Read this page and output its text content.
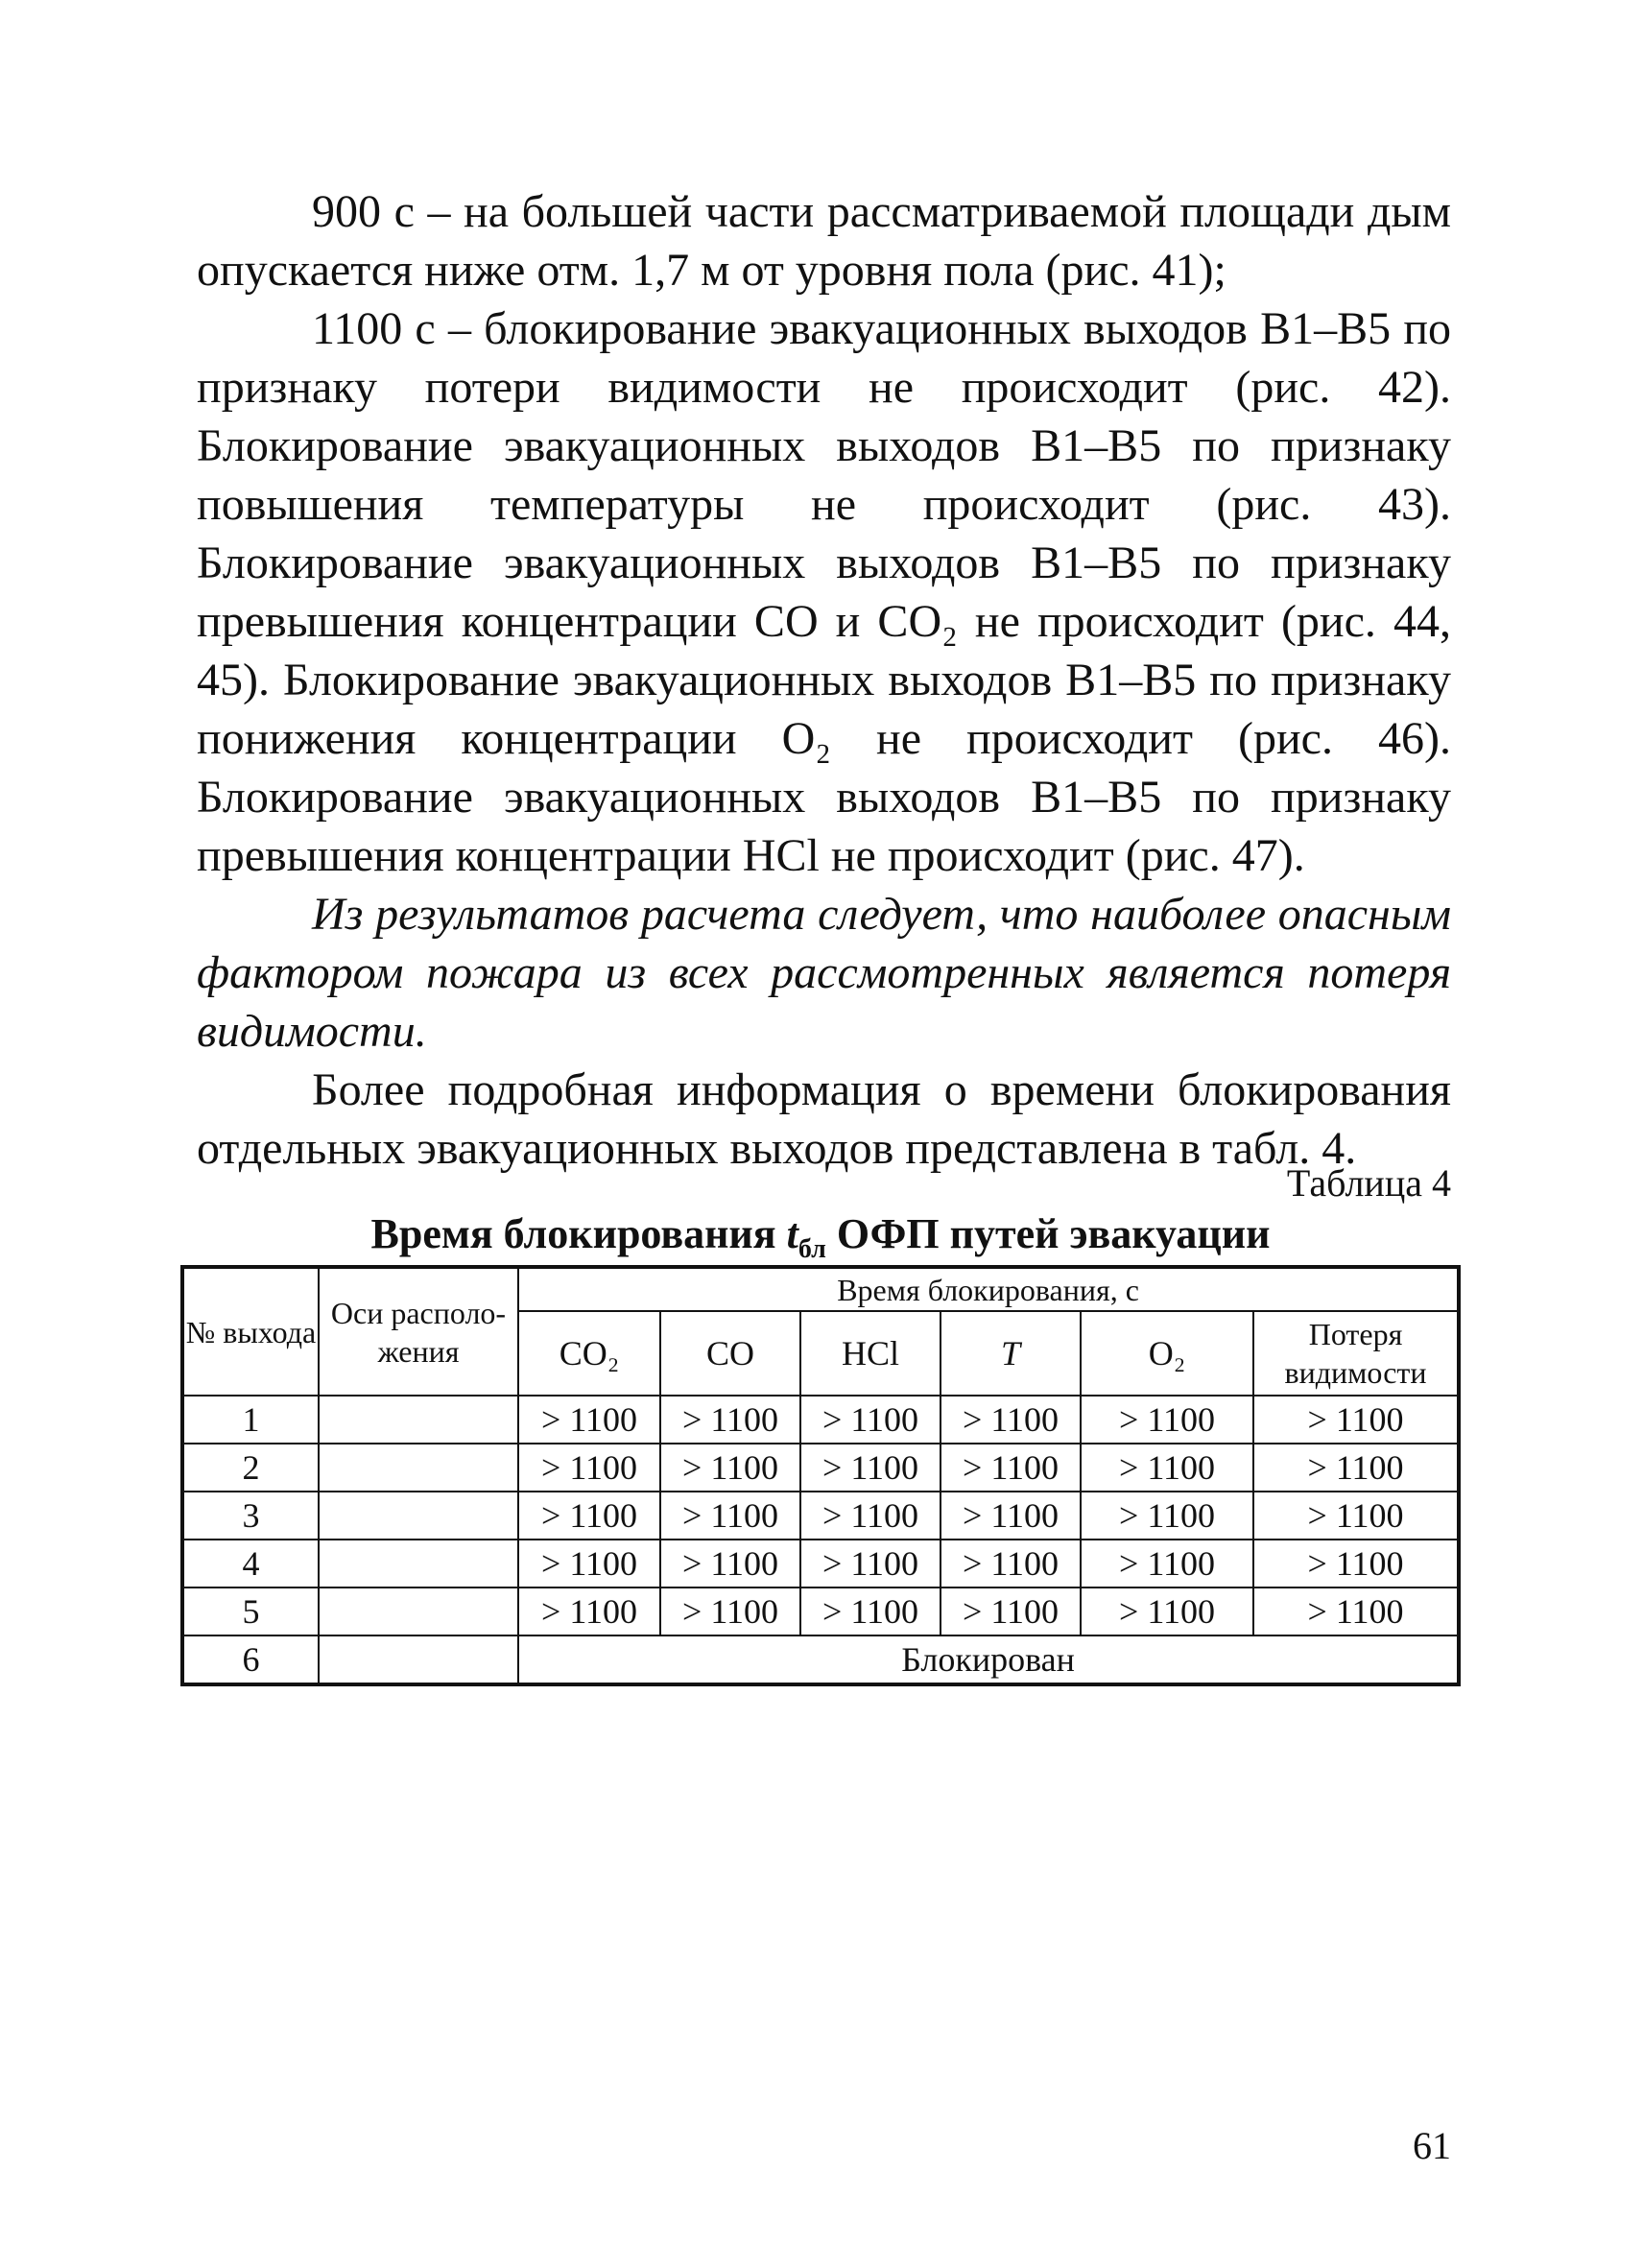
900 с – на большей части рассматриваемой площади дым опускается ниже отм. 1,7 м от уровня пола (рис. 41);

1100 с – блокирование эвакуационных выходов В1–В5 по признаку потери видимости не происходит (рис. 42). Блокирование эвакуационных выходов В1–В5 по признаку повышения температуры не происходит (рис. 43). Блокирование эвакуационных выходов В1–В5 по признаку превышения концентрации СО и СО₂ не происходит (рис. 44, 45). Блокирование эвакуационных выходов В1–В5 по признаку понижения концентрации О₂ не происходит (рис. 46). Блокирование эвакуационных выходов В1–В5 по признаку превышения концентрации HCl не происходит (рис. 47).

Из результатов расчета следует, что наиболее опасным фактором пожара из всех рассмотренных является потеря видимости.

Более подробная информация о времени блокирования отдельных эвакуационных выходов представлена в табл. 4.

Таблица 4
Время блокирования $t_{бл}$ ОФП путей эвакуации
№ выхода	Оси располо-жения	Время блокирования, с					
		CO₂	CO	HCl	T	O₂	Потеря видимости
1		> 1100	> 1100	> 1100	> 1100	> 1100	> 1100
2		> 1100	> 1100	> 1100	> 1100	> 1100	> 1100
3		> 1100	> 1100	> 1100	> 1100	> 1100	> 1100
4		> 1100	> 1100	> 1100	> 1100	> 1100	> 1100
5		> 1100	> 1100	> 1100	> 1100	> 1100	> 1100
6		Блокирован					
61
